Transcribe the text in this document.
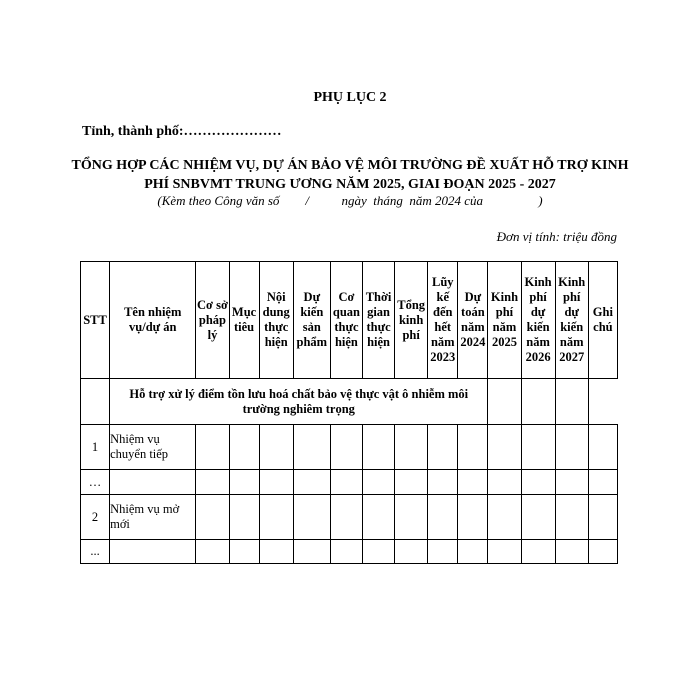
PHỤ LỤC 2
Tỉnh, thành phố:…………………
TỔNG HỢP CÁC NHIỆM VỤ, DỰ ÁN BẢO VỆ MÔI TRƯỜNG ĐỀ XUẤT HỖ TRỢ KINH PHÍ SNBVMT TRUNG ƯƠNG NĂM 2025, GIAI ĐOẠN 2025 - 2027
(Kèm theo Công văn số        /          ngày  tháng  năm 2024 của                 )
Đơn vị tính: triệu đồng
STT	Tên nhiệm vụ/dự án	Cơ sở pháp lý	Mục tiêu	Nội dung thực hiện	Dự kiến sản phẩm	Cơ quan thực hiện	Thời gian thực hiện	Tổng kinh phí	Lũy kế đến hết năm 2023	Dự toán năm 2024	Kinh phí năm 2025	Kinh phí dự kiến năm 2026	Kinh phí dự kiến năm 2027	Ghi chú
	Hỗ trợ xử lý điểm tồn lưu hoá chất bảo vệ thực vật ô nhiễm môi trường nghiêm trọng													
1	Nhiệm vụ chuyển tiếp													
…														
2	Nhiệm vụ mở mới													
...														
